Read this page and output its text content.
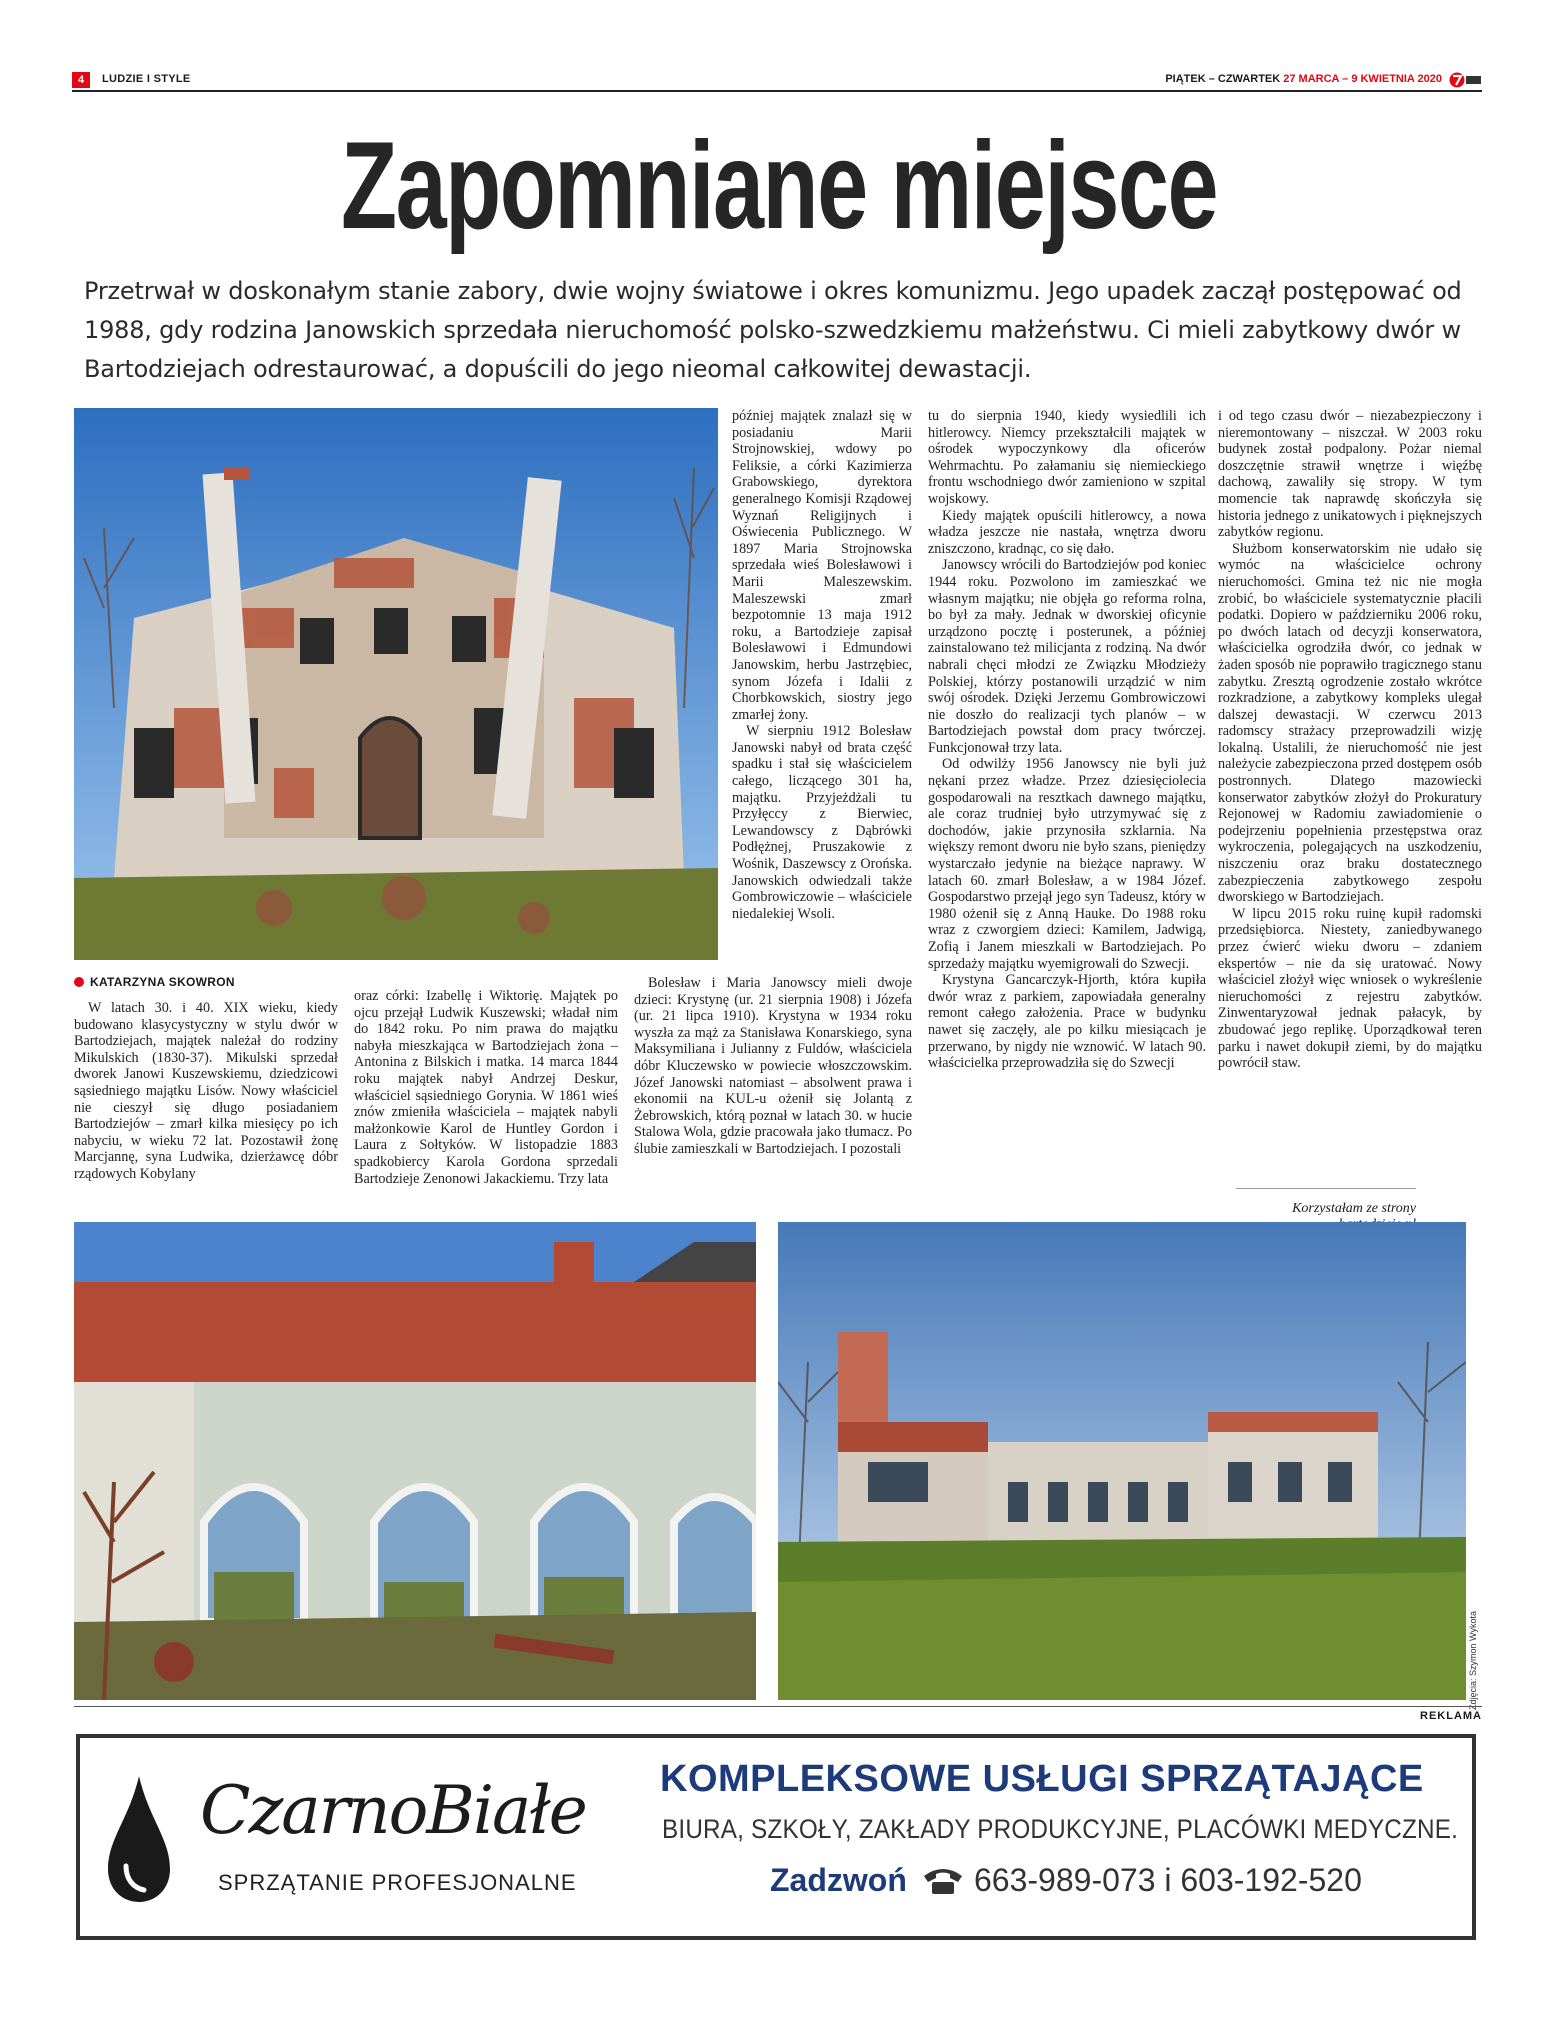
4	LUDZIE I STYLE	PIĄTEK – CZWARTEK 27 MARCA – 9 KWIETNIA 2020
Zapomniane miejsce
Przetrwał w doskonałym stanie zabory, dwie wojny światowe i okres komunizmu. Jego upadek zaczął postępować od 1988, gdy rodzina Janowskich sprzedała nieruchomość polsko-szwedzkiemu małżeństwu. Ci mieli zabytkowy dwór w Bartodziejach odrestaurować, a dopuścili do jego nieomal całkowitej dewastacji.
KATARZYNA SKOWRON

W latach 30. i 40. XIX wieku, kiedy budowano klasycystyczny w stylu dwór w Bartodziejach, majątek należał do rodziny Mikulskich (1830-37). Mikulski sprzedał dworek Janowi Kuszewskiemu, dziedzicowi sąsiedniego majątku Lisów. Nowy właściciel nie cieszył się długo posiadaniem Bartodziejów – zmarł kilka miesięcy po ich nabyciu, w wieku 72 lat. Pozostawił żonę Marcjannę, syna Ludwika, dzierżawcę dóbr rządowych Kobylany

oraz córki: Izabellę i Wiktorię. Majątek po ojcu przejął Ludwik Kuszewski; władał nim do 1842 roku. Po nim prawa do majątku nabyła mieszkająca w Bartodziejach żona – Antonina z Bilskich i matka. 14 marca 1844 roku majątek nabył Andrzej Deskur, właściciel sąsiedniego Gorynia. W 1861 wieś znów zmieniła właściciela – majątek nabyli małżonkowie Karol de Huntley Gordon i Laura z Sołtyków. W listopadzie 1883 spadkobiercy Karola Gordona sprzedali Bartodzieje Zenonowi Jakackiemu. Trzy lata

później majątek znalazł się w posiadaniu Marii Strojnowskiej, wdowy po Feliksie, a córki Kazimierza Grabowskiego, dyrektora generalnego Komisji Rządowej Wyznań Religijnych i Oświecenia Publicznego. W 1897 Maria Strojnowska sprzedała wieś Bolesławowi i Marii Maleszewskim. Maleszewski zmarł bezpotomnie 13 maja 1912 roku, a Bartodzieje zapisał Bolesławowi i Edmundowi Janowskim, herbu Jastrzębiec, synom Józefa i Idalii z Chorbkowskich, siostry jego zmarłej żony.

W sierpniu 1912 Bolesław Janowski nabył od brata część spadku i stał się właścicielem całego, liczącego 301 ha, majątku. Przyjeżdżali tu Przyłęccy z Bierwiec, Lewandowscy z Dąbrówki Podłężnej, Pruszakowie z Wośnik, Daszewscy z Orońska. Janowskich odwiedzali także Gombrowiczowie – właściciele niedalekiej Wsoli.

Bolesław i Maria Janowscy mieli dwoje dzieci: Krystynę (ur. 21 sierpnia 1908) i Józefa (ur. 21 lipca 1910). Krystyna w 1934 roku wyszła za mąż za Stanisława Konarskiego, syna Maksymiliana i Julianny z Fuldów, właściciela dóbr Kluczewsko w powiecie włoszczowskim. Józef Janowski natomiast – absolwent prawa i ekonomii na KUL-u ożenił się Jolantą z Żebrowskich, którą poznał w latach 30. w hucie Stalowa Wola, gdzie pracowała jako tłumacz. Po ślubie zamieszkali w Bartodziejach. I pozostali

tu do sierpnia 1940, kiedy wysiedlili ich hitlerowcy. Niemcy przekształcili majątek w ośrodek wypoczynkowy dla oficerów Wehrmachtu. Po załamaniu się niemieckiego frontu wschodniego dwór zamieniono w szpital wojskowy.

Kiedy majątek opuścili hitlerowcy, a nowa władza jeszcze nie nastała, wnętrza dworu zniszczono, kradnąc, co się dało.

Janowscy wrócili do Bartodziejów pod koniec 1944 roku. Pozwolono im zamieszkać we własnym majątku; nie objęła go reforma rolna, bo był za mały. Jednak w dworskiej oficynie urządzono pocztę i posterunek, a później zainstalowano też milicjanta z rodziną. Na dwór nabrali chęci młodzi ze Związku Młodzieży Polskiej, którzy postanowili urządzić w nim swój ośrodek. Dzięki Jerzemu Gombrowiczowi nie doszło do realizacji tych planów – w Bartodziejach powstał dom pracy twórczej. Funkcjonował trzy lata.

Od odwilży 1956 Janowscy nie byli już nękani przez władze. Przez dziesięciolecia gospodarowali na resztkach dawnego majątku, ale coraz trudniej było utrzymywać się z dochodów, jakie przynosiła szklarnia. Na większy remont dworu nie było szans, pieniędzy wystarczało jedynie na bieżące naprawy. W latach 60. zmarł Bolesław, a w 1984 Józef. Gospodarstwo przejął jego syn Tadeusz, który w 1980 ożenił się z Anną Hauke. Do 1988 roku wraz z czworgiem dzieci: Kamilem, Jadwigą, Zofią i Janem mieszkali w Bartodziejach. Po sprzedaży majątku wyemigrowali do Szwecji.

Krystyna Gancarczyk-Hjorth, która kupiła dwór wraz z parkiem, zapowiadała generalny remont całego założenia. Prace w budynku nawet się zaczęły, ale po kilku miesiącach je przerwano, by nigdy nie wznowić. W latach 90. właścicielka przeprowadziła się do Szwecji

i od tego czasu dwór – niezabezpieczony i nieremontowany – niszczał. W 2003 roku budynek został podpalony. Pożar niemal doszczętnie strawił wnętrze i więźbę dachową, zawaliły się stropy. W tym momencie tak naprawdę skończyła się historia jednego z unikatowych i pięknejszych zabytków regionu.

Służbom konserwatorskim nie udało się wymóc na właścicielce ochrony nieruchomości. Gmina też nic nie mogła zrobić, bo właściciele systematycznie płacili podatki. Dopiero w październiku 2006 roku, po dwóch latach od decyzji konserwatora, właścicielka ogrodziła dwór, co jednak w żaden sposób nie poprawiło tragicznego stanu zabytku. Zresztą ogrodzenie zostało wkrótce rozkradzione, a zabytkowy kompleks ulegał dalszej dewastacji. W czerwcu 2013 radomscy strażacy przeprowadzili wizję lokalną. Ustalili, że nieruchomość nie jest należycie zabezpieczona przed dostępem osób postronnych. Dlatego mazowiecki konserwator zabytków złożył do Prokuratury Rejonowej w Radomiu zawiadomienie o podejrzeniu popełnienia przestępstwa oraz wykroczenia, polegających na uszkodzeniu, niszczeniu oraz braku dostatecznego zabezpieczenia zabytkowego zespołu dworskiego w Bartodziejach.

W lipcu 2015 roku ruinę kupił radomski przedsiębiorca. Niestety, zaniedbywanego przez ćwierć wieku dworu – zdaniem ekspertów – nie da się uratować. Nowy właściciel złożył więc wniosek o wykreślenie nieruchomości z rejestru zabytków. Zinwentaryzował jednak pałacyk, by zbudować jego replikę. Uporządkował teren parku i nawet dokupił ziemi, by do majątku powrócił staw.

Korzystałam ze strony
Zdjęcia: Szymon Wykota
REKLAMA
CzarnoBiałe
SPRZĄTANIE PROFESJONALNE
KOMPLEKSOWE USŁUGI SPRZĄTAJĄCE
BIURA, SZKOŁY, ZAKŁADY PRODUKCYJNE, PLACÓWKI MEDYCZNE.
Zadzwoń 663-989-073 i 603-192-520
